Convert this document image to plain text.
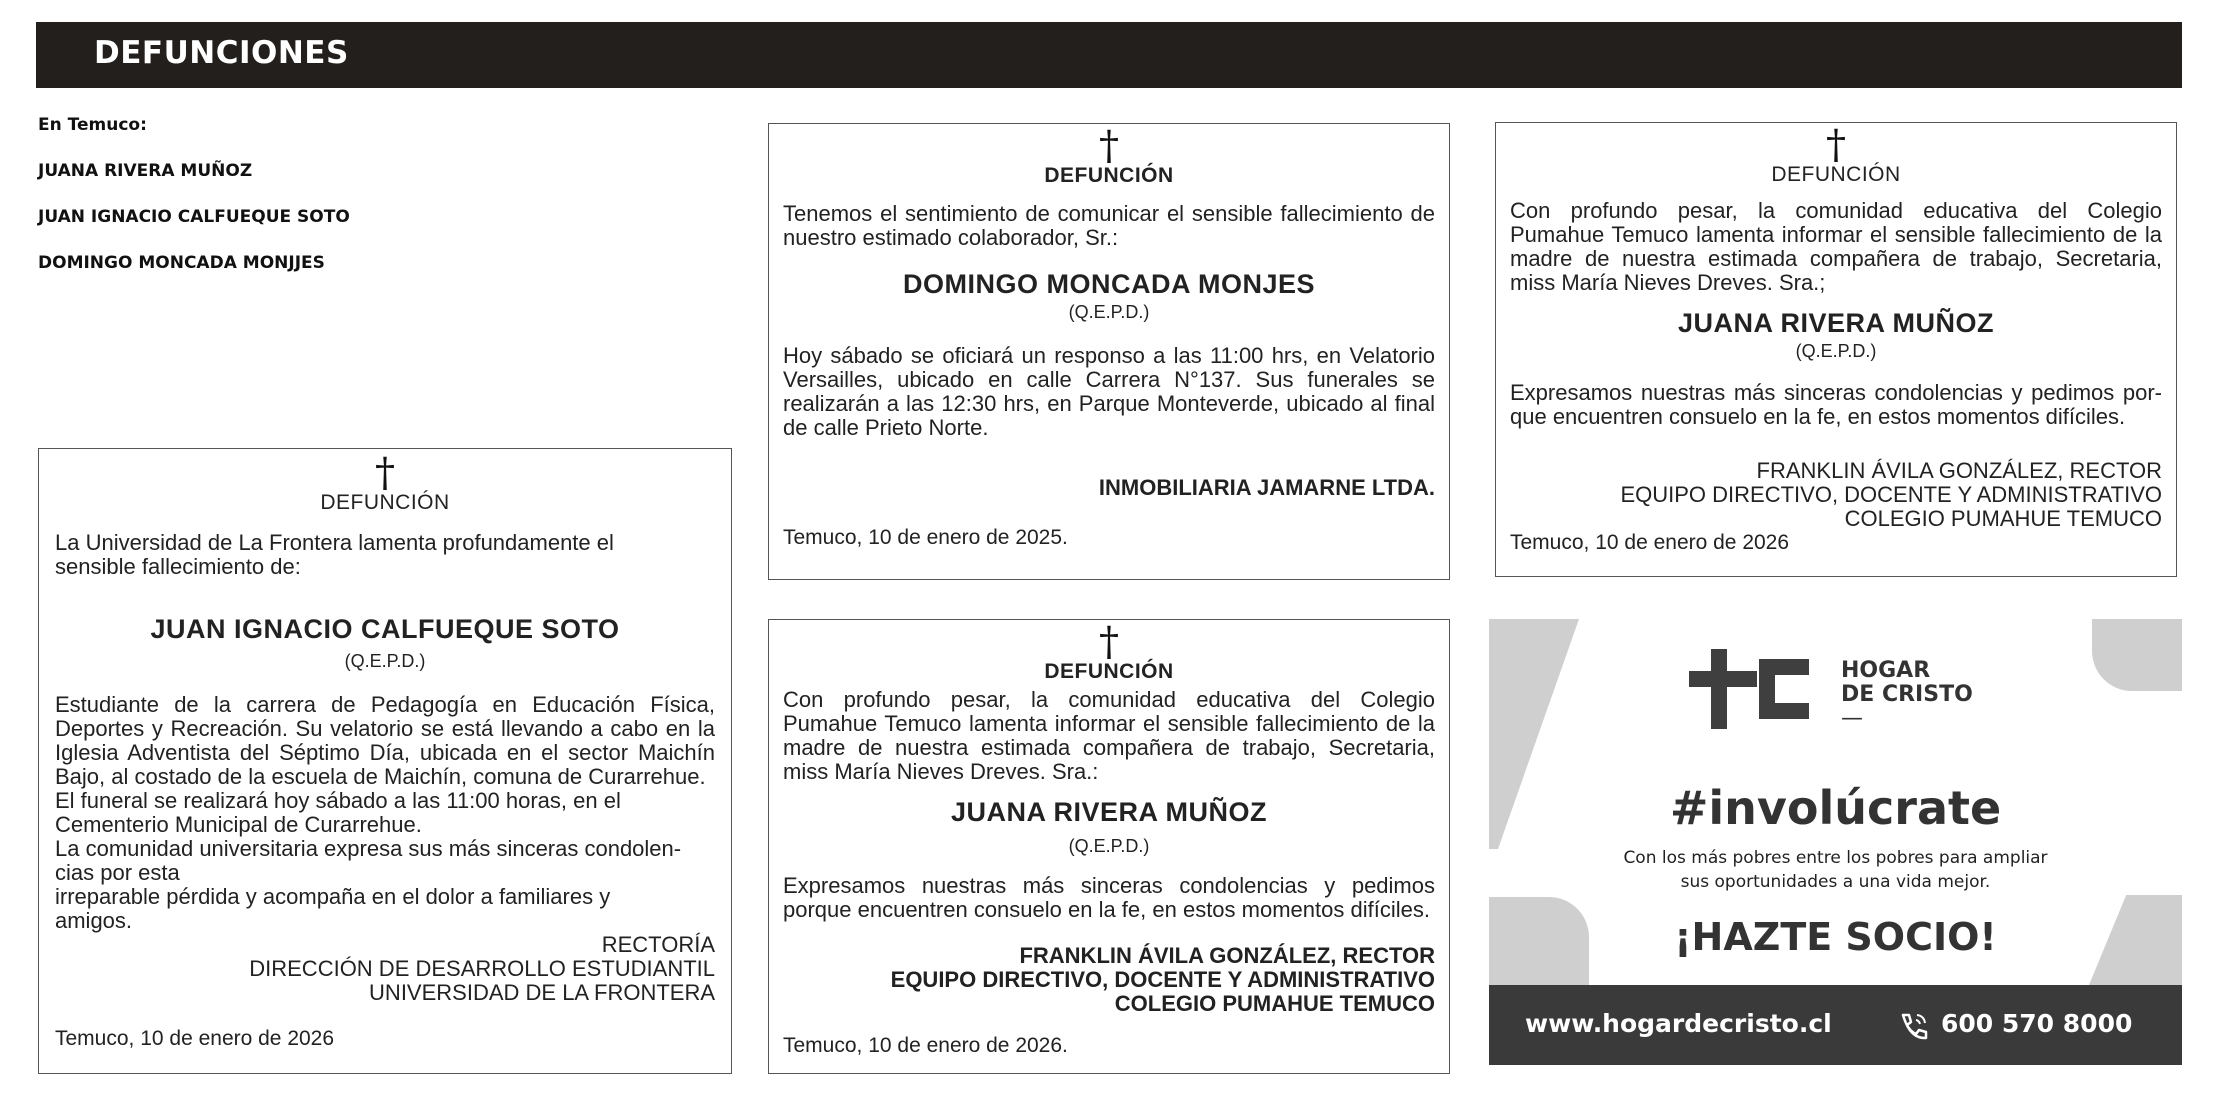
DEFUNCIONES
En Temuco:
JUANA RIVERA MUÑOZ
JUAN IGNACIO CALFUEQUE SOTO
DOMINGO MONCADA MONJJES
†
DEFUNCIÓN
Tenemos el sentimiento de comunicar el sensible fallecimiento de nuestro estimado colaborador, Sr.:
DOMINGO MONCADA MONJES
(Q.E.P.D.)
Hoy sábado se oficiará un responso a las 11:00 hrs, en Velatorio Versailles, ubicado en calle Carrera N°137. Sus funerales se realizarán a las 12:30 hrs, en Parque Monteverde, ubicado al final de calle Prieto Norte.
INMOBILIARIA JAMARNE LTDA.
Temuco, 10 de enero de 2025.
†
DEFUNCIÓN
Con profundo pesar, la comunidad educativa del Colegio Pumahue Temuco lamenta informar el sensible fallecimiento de la madre de nuestra estimada compañera de trabajo, Secretaria, miss María Nieves Dreves. Sra.;
JUANA RIVERA MUÑOZ
(Q.E.P.D.)
Expresamos nuestras más sinceras condolencias y pedimos por-que encuentren consuelo en la fe, en estos momentos difíciles.
FRANKLIN ÁVILA GONZÁLEZ, RECTOR
EQUIPO DIRECTIVO, DOCENTE Y ADMINISTRATIVO
COLEGIO PUMAHUE TEMUCO
Temuco, 10 de enero de 2026
†
DEFUNCIÓN
La Universidad de La Frontera lamenta profundamente el sensible fallecimiento de:
JUAN IGNACIO CALFUEQUE SOTO
(Q.E.P.D.)
Estudiante de la carrera de Pedagogía en Educación Física, Deportes y Recreación. Su velatorio se está llevando a cabo en la Iglesia Adventista del Séptimo Día, ubicada en el sector Maichín Bajo, al costado de la escuela de Maichín, comuna de Curarrehue.
El funeral se realizará hoy sábado a las 11:00 horas, en el Cementerio Municipal de Curarrehue.
La comunidad universitaria expresa sus más sinceras condolen-cias por esta
irreparable pérdida y acompaña en el dolor a familiares y amigos.
RECTORÍA
DIRECCIÓN DE DESARROLLO ESTUDIANTIL
UNIVERSIDAD DE LA FRONTERA
Temuco, 10 de enero de 2026
†
DEFUNCIÓN
Con profundo pesar, la comunidad educativa del Colegio Pumahue Temuco lamenta informar el sensible fallecimiento de la madre de nuestra estimada compañera de trabajo, Secretaria, miss María Nieves Dreves. Sra.:
JUANA RIVERA MUÑOZ
(Q.E.P.D.)
Expresamos nuestras más sinceras condolencias y pedimos porque encuentren consuelo en la fe, en estos momentos difíciles.
FRANKLIN ÁVILA GONZÁLEZ, RECTOR
EQUIPO DIRECTIVO, DOCENTE Y ADMINISTRATIVO
COLEGIO PUMAHUE TEMUCO
Temuco, 10 de enero de 2026.
HOGAR
DE CRISTO
—
#involúcrate
Con los más pobres entre los pobres para ampliar
sus oportunidades a una vida mejor.
¡HAZTE SOCIO!
www.hogardecristo.cl	600 570 8000
